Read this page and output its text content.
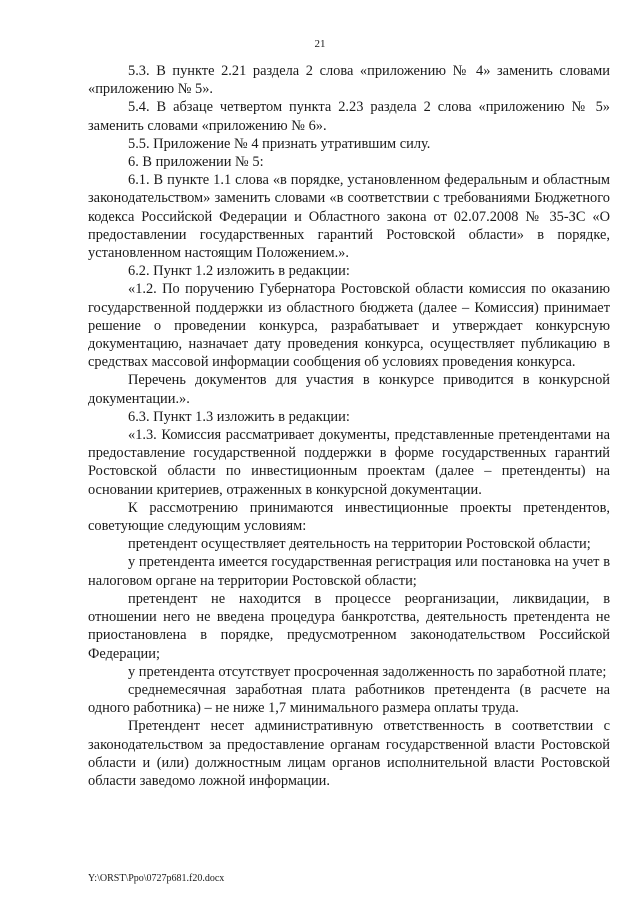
21

5.3. В пункте 2.21 раздела 2 слова «приложению № 4» заменить словами «приложению № 5».

5.4. В абзаце четвертом пункта 2.23 раздела 2 слова «приложению № 5» заменить словами «приложению № 6».

5.5. Приложение № 4 признать утратившим силу.

6. В приложении № 5:

6.1. В пункте 1.1 слова «в порядке, установленном федеральным и областным законодательством» заменить словами «в соответствии с требованиями Бюджетного кодекса Российской Федерации и Областного закона от 02.07.2008 № 35-ЗС «О предоставлении государственных гарантий Ростовской области» в порядке, установленном настоящим Положением.».

6.2. Пункт 1.2 изложить в редакции:

«1.2. По поручению Губернатора Ростовской области комиссия по оказанию государственной поддержки из областного бюджета (далее – Комиссия) принимает решение о проведении конкурса, разрабатывает и утверждает конкурсную документацию, назначает дату проведения конкурса, осуществляет публикацию в средствах массовой информации сообщения об условиях проведения конкурса.

Перечень документов для участия в конкурсе приводится в конкурсной документации.».

6.3. Пункт 1.3 изложить в редакции:

«1.3. Комиссия рассматривает документы, представленные претендентами на предоставление государственной поддержки в форме государственных гарантий Ростовской области по инвестиционным проектам (далее – претенденты) на основании критериев, отраженных в конкурсной документации.

К рассмотрению принимаются инвестиционные проекты претендентов, советующие следующим условиям:

претендент осуществляет деятельность на территории Ростовской области;

у претендента имеется государственная регистрация или постановка на учет в налоговом органе на территории Ростовской области;

претендент не находится в процессе реорганизации, ликвидации, в отношении него не введена процедура банкротства, деятельность претендента не приостановлена в порядке, предусмотренном законодательством Российской Федерации;

у претендента отсутствует просроченная задолженность по заработной плате;

среднемесячная заработная плата работников претендента (в расчете на одного работника) – не ниже 1,7 минимального размера оплаты труда.

Претендент несет административную ответственность в соответствии с законодательством за предоставление органам государственной власти Ростовской области и (или) должностным лицам органов исполнительной власти Ростовской области заведомо ложной информации.

Y:\ORST\Ppo\0727p681.f20.docx
